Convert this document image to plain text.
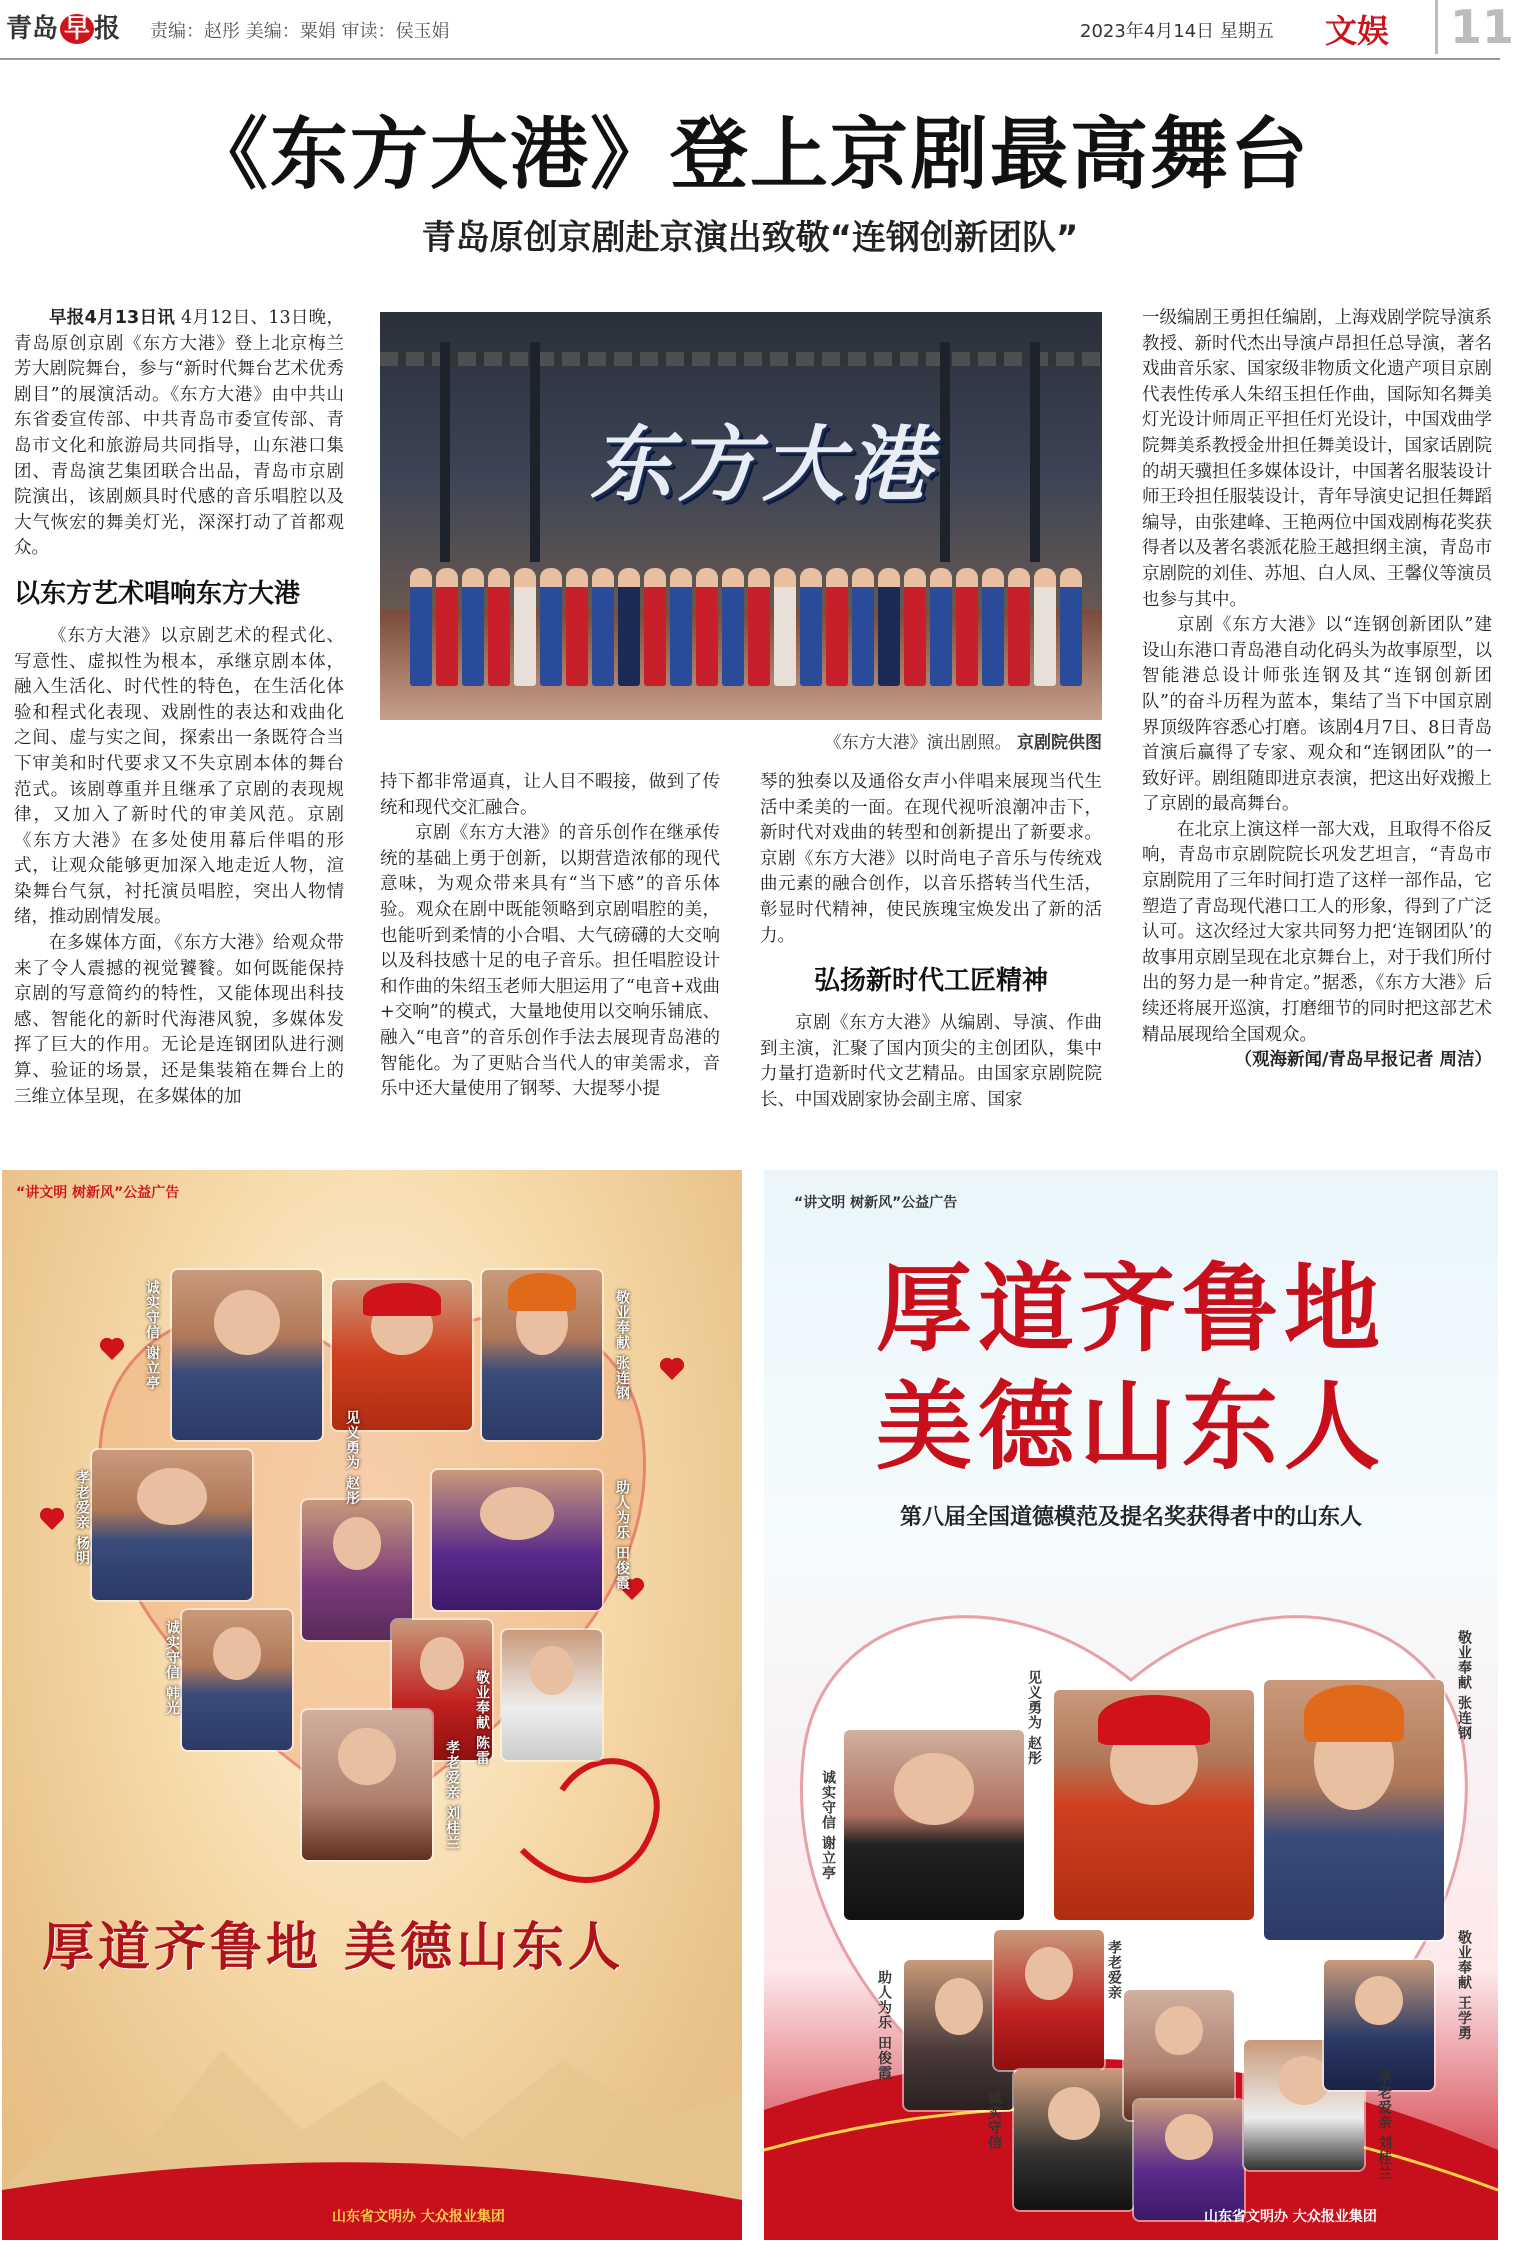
青岛 早 报 责编：赵彤 美编：粟娟 审读：侯玉娟	2023年4月14日 星期五 文娱	11
《东方大港》登上京剧最高舞台
青岛原创京剧赴京演出致敬“连钢创新团队”

早报4月13日讯 4月12日、13日晚，青岛原创京剧《东方大港》登上北京梅兰芳大剧院舞台，参与“新时代舞台艺术优秀剧目”的展演活动。《东方大港》由中共山东省委宣传部、中共青岛市委宣传部、青岛市文化和旅游局共同指导，山东港口集团、青岛演艺集团联合出品，青岛市京剧院演出，该剧颇具时代感的音乐唱腔以及大气恢宏的舞美灯光，深深打动了首都观众。

以东方艺术唱响东方大港

《东方大港》以京剧艺术的程式化、写意性、虚拟性为根本，承继京剧本体，融入生活化、时代性的特色，在生活化体验和程式化表现、戏剧性的表达和戏曲化之间、虚与实之间，探索出一条既符合当下审美和时代要求又不失京剧本体的舞台范式。该剧尊重并且继承了京剧的表现规律，又加入了新时代的审美风范。京剧《东方大港》在多处使用幕后伴唱的形式，让观众能够更加深入地走近人物，渲染舞台气氛，衬托演员唱腔，突出人物情绪，推动剧情发展。

在多媒体方面，《东方大港》给观众带来了令人震撼的视觉饕餮。如何既能保持京剧的写意简约的特性，又能体现出科技感、智能化的新时代海港风貌，多媒体发挥了巨大的作用。无论是连钢团队进行测算、验证的场景，还是集装箱在舞台上的三维立体呈现，在多媒体的加

东方大港
《东方大港》演出剧照。 京剧院供图

持下都非常逼真，让人目不暇接，做到了传统和现代交汇融合。

京剧《东方大港》的音乐创作在继承传统的基础上勇于创新，以期营造浓郁的现代意味，为观众带来具有“当下感”的音乐体验。观众在剧中既能领略到京剧唱腔的美，也能听到柔情的小合唱、大气磅礴的大交响以及科技感十足的电子音乐。担任唱腔设计和作曲的朱绍玉老师大胆运用了“电音+戏曲+交响”的模式，大量地使用以交响乐铺底、融入“电音”的音乐创作手法去展现青岛港的智能化。为了更贴合当代人的审美需求，音乐中还大量使用了钢琴、大提琴小提

琴的独奏以及通俗女声小伴唱来展现当代生活中柔美的一面。在现代视听浪潮冲击下，新时代对戏曲的转型和创新提出了新要求。京剧《东方大港》以时尚电子音乐与传统戏曲元素的融合创作，以音乐搭转当代生活，彰显时代精神，使民族瑰宝焕发出了新的活力。

弘扬新时代工匠精神

京剧《东方大港》从编剧、导演、作曲到主演，汇聚了国内顶尖的主创团队，集中力量打造新时代文艺精品。由国家京剧院院长、中国戏剧家协会副主席、国家

一级编剧王勇担任编剧，上海戏剧学院导演系教授、新时代杰出导演卢昂担任总导演，著名戏曲音乐家、国家级非物质文化遗产项目京剧代表性传承人朱绍玉担任作曲，国际知名舞美灯光设计师周正平担任灯光设计，中国戏曲学院舞美系教授金卅担任舞美设计，国家话剧院的胡天骥担任多媒体设计，中国著名服装设计师王玲担任服装设计，青年导演史记担任舞蹈编导，由张建峰、王艳两位中国戏剧梅花奖获得者以及著名裘派花脸王越担纲主演，青岛市京剧院的刘佳、苏旭、白人凤、王馨仪等演员也参与其中。

京剧《东方大港》以“连钢创新团队”建设山东港口青岛港自动化码头为故事原型，以智能港总设计师张连钢及其“连钢创新团队”的奋斗历程为蓝本，集结了当下中国京剧界顶级阵容悉心打磨。该剧4月7日、8日青岛首演后赢得了专家、观众和“连钢团队”的一致好评。剧组随即进京表演，把这出好戏搬上了京剧的最高舞台。

在北京上演这样一部大戏，且取得不俗反响，青岛市京剧院院长巩发艺坦言，“青岛市京剧院用了三年时间打造了这样一部作品，它塑造了青岛现代港口工人的形象，得到了广泛认可。这次经过大家共同努力把‘连钢团队’的故事用京剧呈现在北京舞台上，对于我们所付出的努力是一种肯定。”据悉，《东方大港》后续还将展开巡演，打磨细节的同时把这部艺术精品展现给全国观众。

（观海新闻/青岛早报记者 周洁）

“讲文明 树新风”公益广告
诚实守信 谢立亭
见义勇为 赵彤
敬业奉献 张连钢
助人为乐 田俊霞
孝老爱亲 杨明
诚实守信 韩光
敬业奉献 陈雷
孝老爱亲 刘桂兰
厚道齐鲁地 美德山东人
山东省文明办 大众报业集团
“讲文明 树新风”公益广告
厚道齐鲁地
美德山东人
第八届全国道德模范及提名奖获得者中的山东人
诚实守信 谢立亭
见义勇为 赵彤	敬业奉献 张连钢
助人为乐 田俊霞	孝老爱亲	敬业奉献 王学勇
诚实守信	孝老爱亲 刘桂兰
山东省文明办 大众报业集团
